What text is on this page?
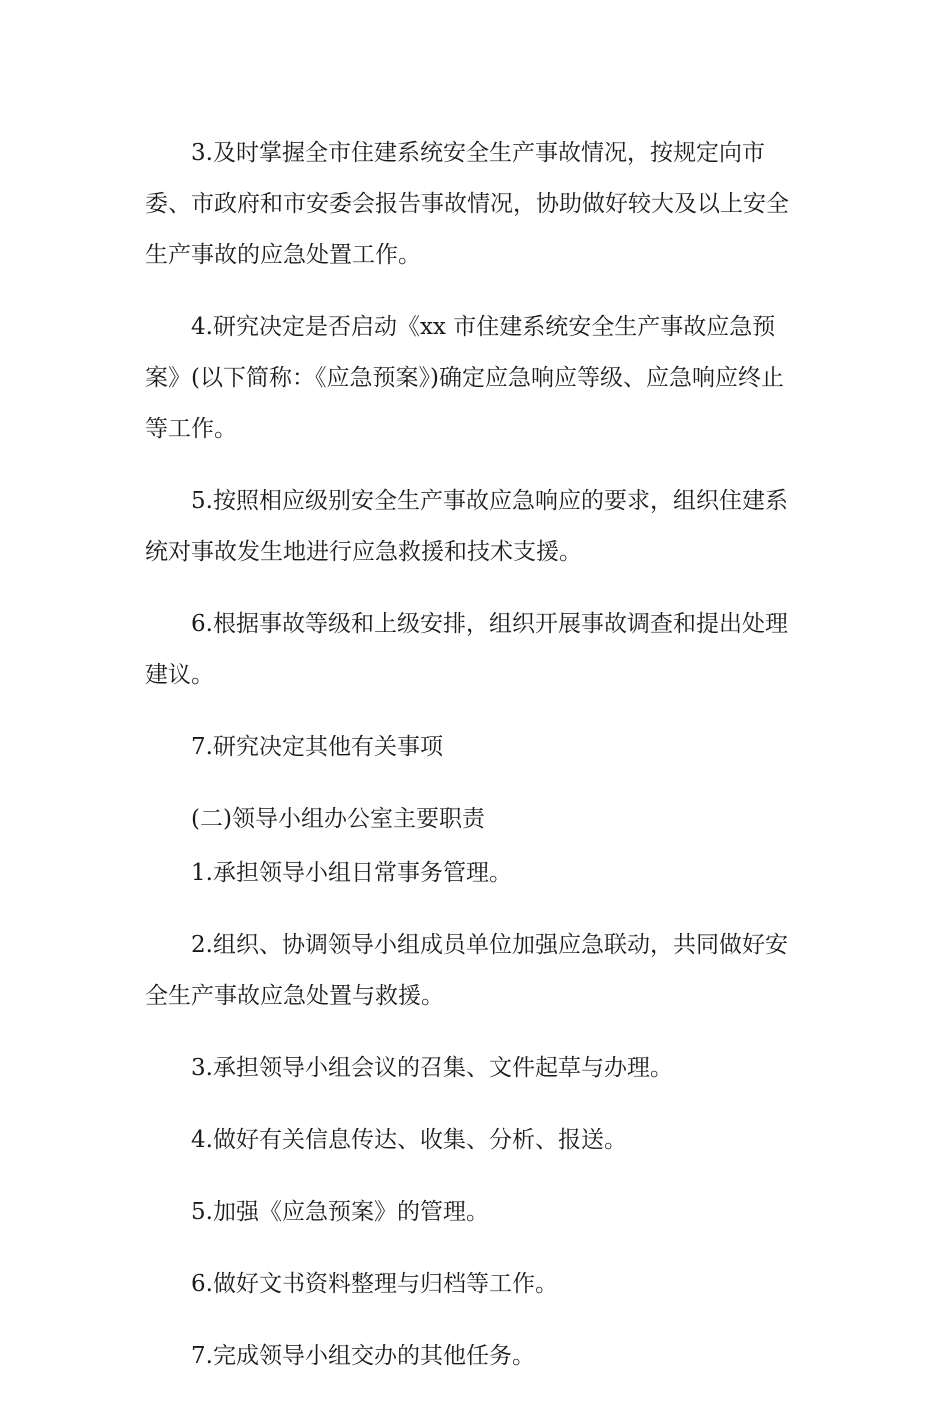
3.及时掌握全市住建系统安全生产事故情况，按规定向市委、市政府和市安委会报告事故情况，协助做好较大及以上安全生产事故的应急处置工作。

4.研究决定是否启动《xx 市住建系统安全生产事故应急预案》(以下简称：《应急预案》)确定应急响应等级、应急响应终止等工作。

5.按照相应级别安全生产事故应急响应的要求，组织住建系统对事故发生地进行应急救援和技术支援。

6.根据事故等级和上级安排，组织开展事故调查和提出处理建议。

7.研究决定其他有关事项

(二)领导小组办公室主要职责

1.承担领导小组日常事务管理。

2.组织、协调领导小组成员单位加强应急联动，共同做好安全生产事故应急处置与救援。

3.承担领导小组会议的召集、文件起草与办理。

4.做好有关信息传达、收集、分析、报送。

5.加强《应急预案》的管理。

6.做好文书资料整理与归档等工作。

7.完成领导小组交办的其他任务。
